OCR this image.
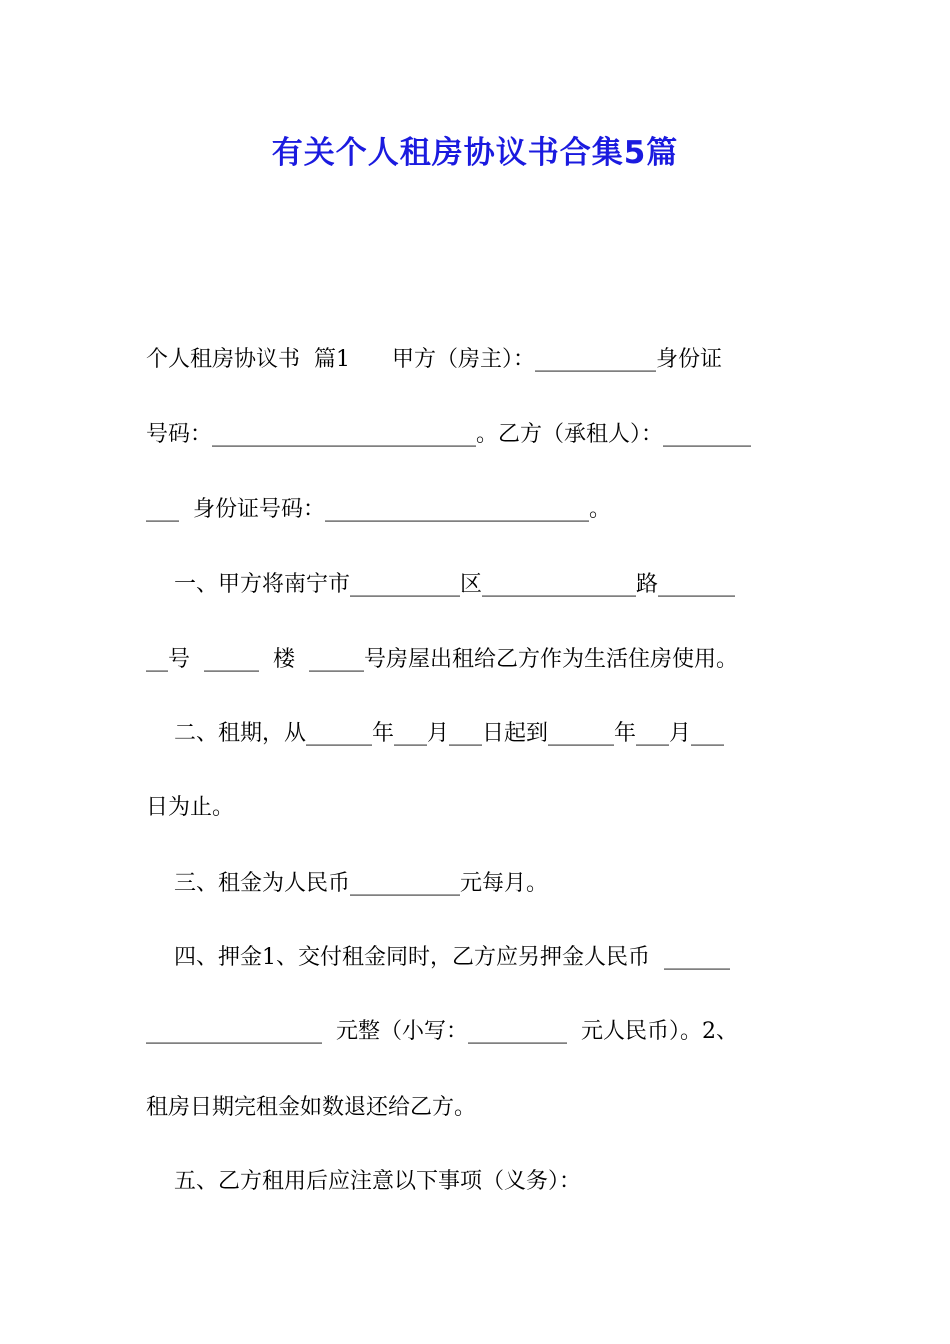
有关个人租房协议书合集5篇

个人租房协议书  篇1      甲方（房主）：___________身份证

号码：________________________。乙方（承租人）：________

___  身份证号码：________________________。

一、甲方将南宁市__________区______________路_______

__号  _____  楼  _____号房屋出租给乙方作为生活住房使用。

二、租期，从______年___月___日起到______年___月___

日为止。

三、租金为人民币__________元每月。

四、押金1、交付租金同时，乙方应另押金人民币  ______

________________  元整（小写：_________  元人民币）。2、

租房日期完租金如数退还给乙方。

五、乙方租用后应注意以下事项（义务）：
